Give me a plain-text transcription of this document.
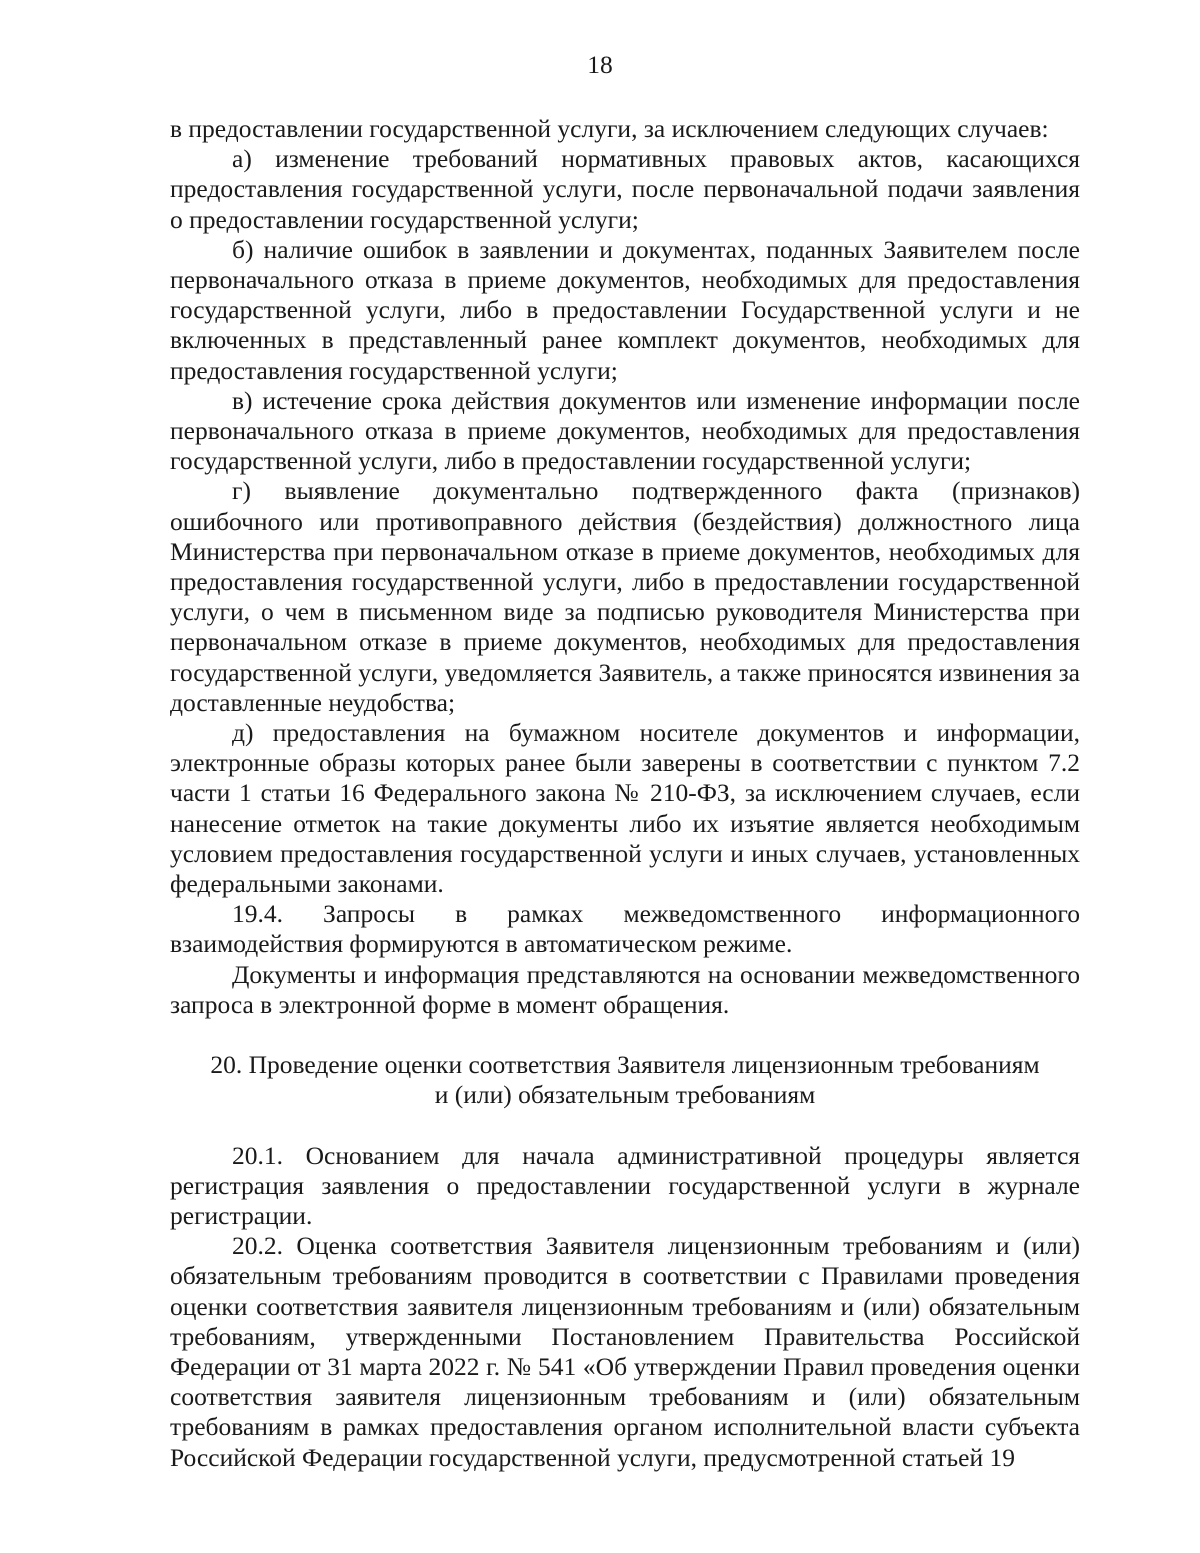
18

в предоставлении государственной услуги, за исключением следующих случаев:

а) изменение требований нормативных правовых актов, касающихся предоставления государственной услуги, после первоначальной подачи заявления о предоставлении государственной услуги;

б) наличие ошибок в заявлении и документах, поданных Заявителем после первоначального отказа в приеме документов, необходимых для предоставления государственной услуги, либо в предоставлении Государственной услуги и не включенных в представленный ранее комплект документов, необходимых для предоставления государственной услуги;

в) истечение срока действия документов или изменение информации после первоначального отказа в приеме документов, необходимых для предоставления государственной услуги, либо в предоставлении государственной услуги;

г) выявление документально подтвержденного факта (признаков) ошибочного или противоправного действия (бездействия) должностного лица Министерства при первоначальном отказе в приеме документов, необходимых для предоставления государственной услуги, либо в предоставлении государственной услуги, о чем в письменном виде за подписью руководителя Министерства при первоначальном отказе в приеме документов, необходимых для предоставления государственной услуги, уведомляется Заявитель, а также приносятся извинения за доставленные неудобства;

д) предоставления на бумажном носителе документов и информации, электронные образы которых ранее были заверены в соответствии с пунктом 7.2 части 1 статьи 16 Федерального закона № 210-ФЗ, за исключением случаев, если нанесение отметок на такие документы либо их изъятие является необходимым условием предоставления государственной услуги и иных случаев, установленных федеральными законами.

19.4. Запросы в рамках межведомственного информационного взаимодействия формируются в автоматическом режиме.

Документы и информация представляются на основании межведомственного запроса в электронной форме в момент обращения.

20. Проведение оценки соответствия Заявителя лицензионным требованиям
и (или) обязательным требованиям

20.1. Основанием для начала административной процедуры является регистрация заявления о предоставлении государственной услуги в журнале регистрации.

20.2. Оценка соответствия Заявителя лицензионным требованиям и (или) обязательным требованиям проводится в соответствии с Правилами проведения оценки соответствия заявителя лицензионным требованиям и (или) обязательным требованиям, утвержденными Постановлением Правительства Российской Федерации от 31 марта 2022 г. № 541 «Об утверждении Правил проведения оценки соответствия заявителя лицензионным требованиям и (или) обязательным требованиям в рамках предоставления органом исполнительной власти субъекта Российской Федерации государственной услуги, предусмотренной статьей 19
